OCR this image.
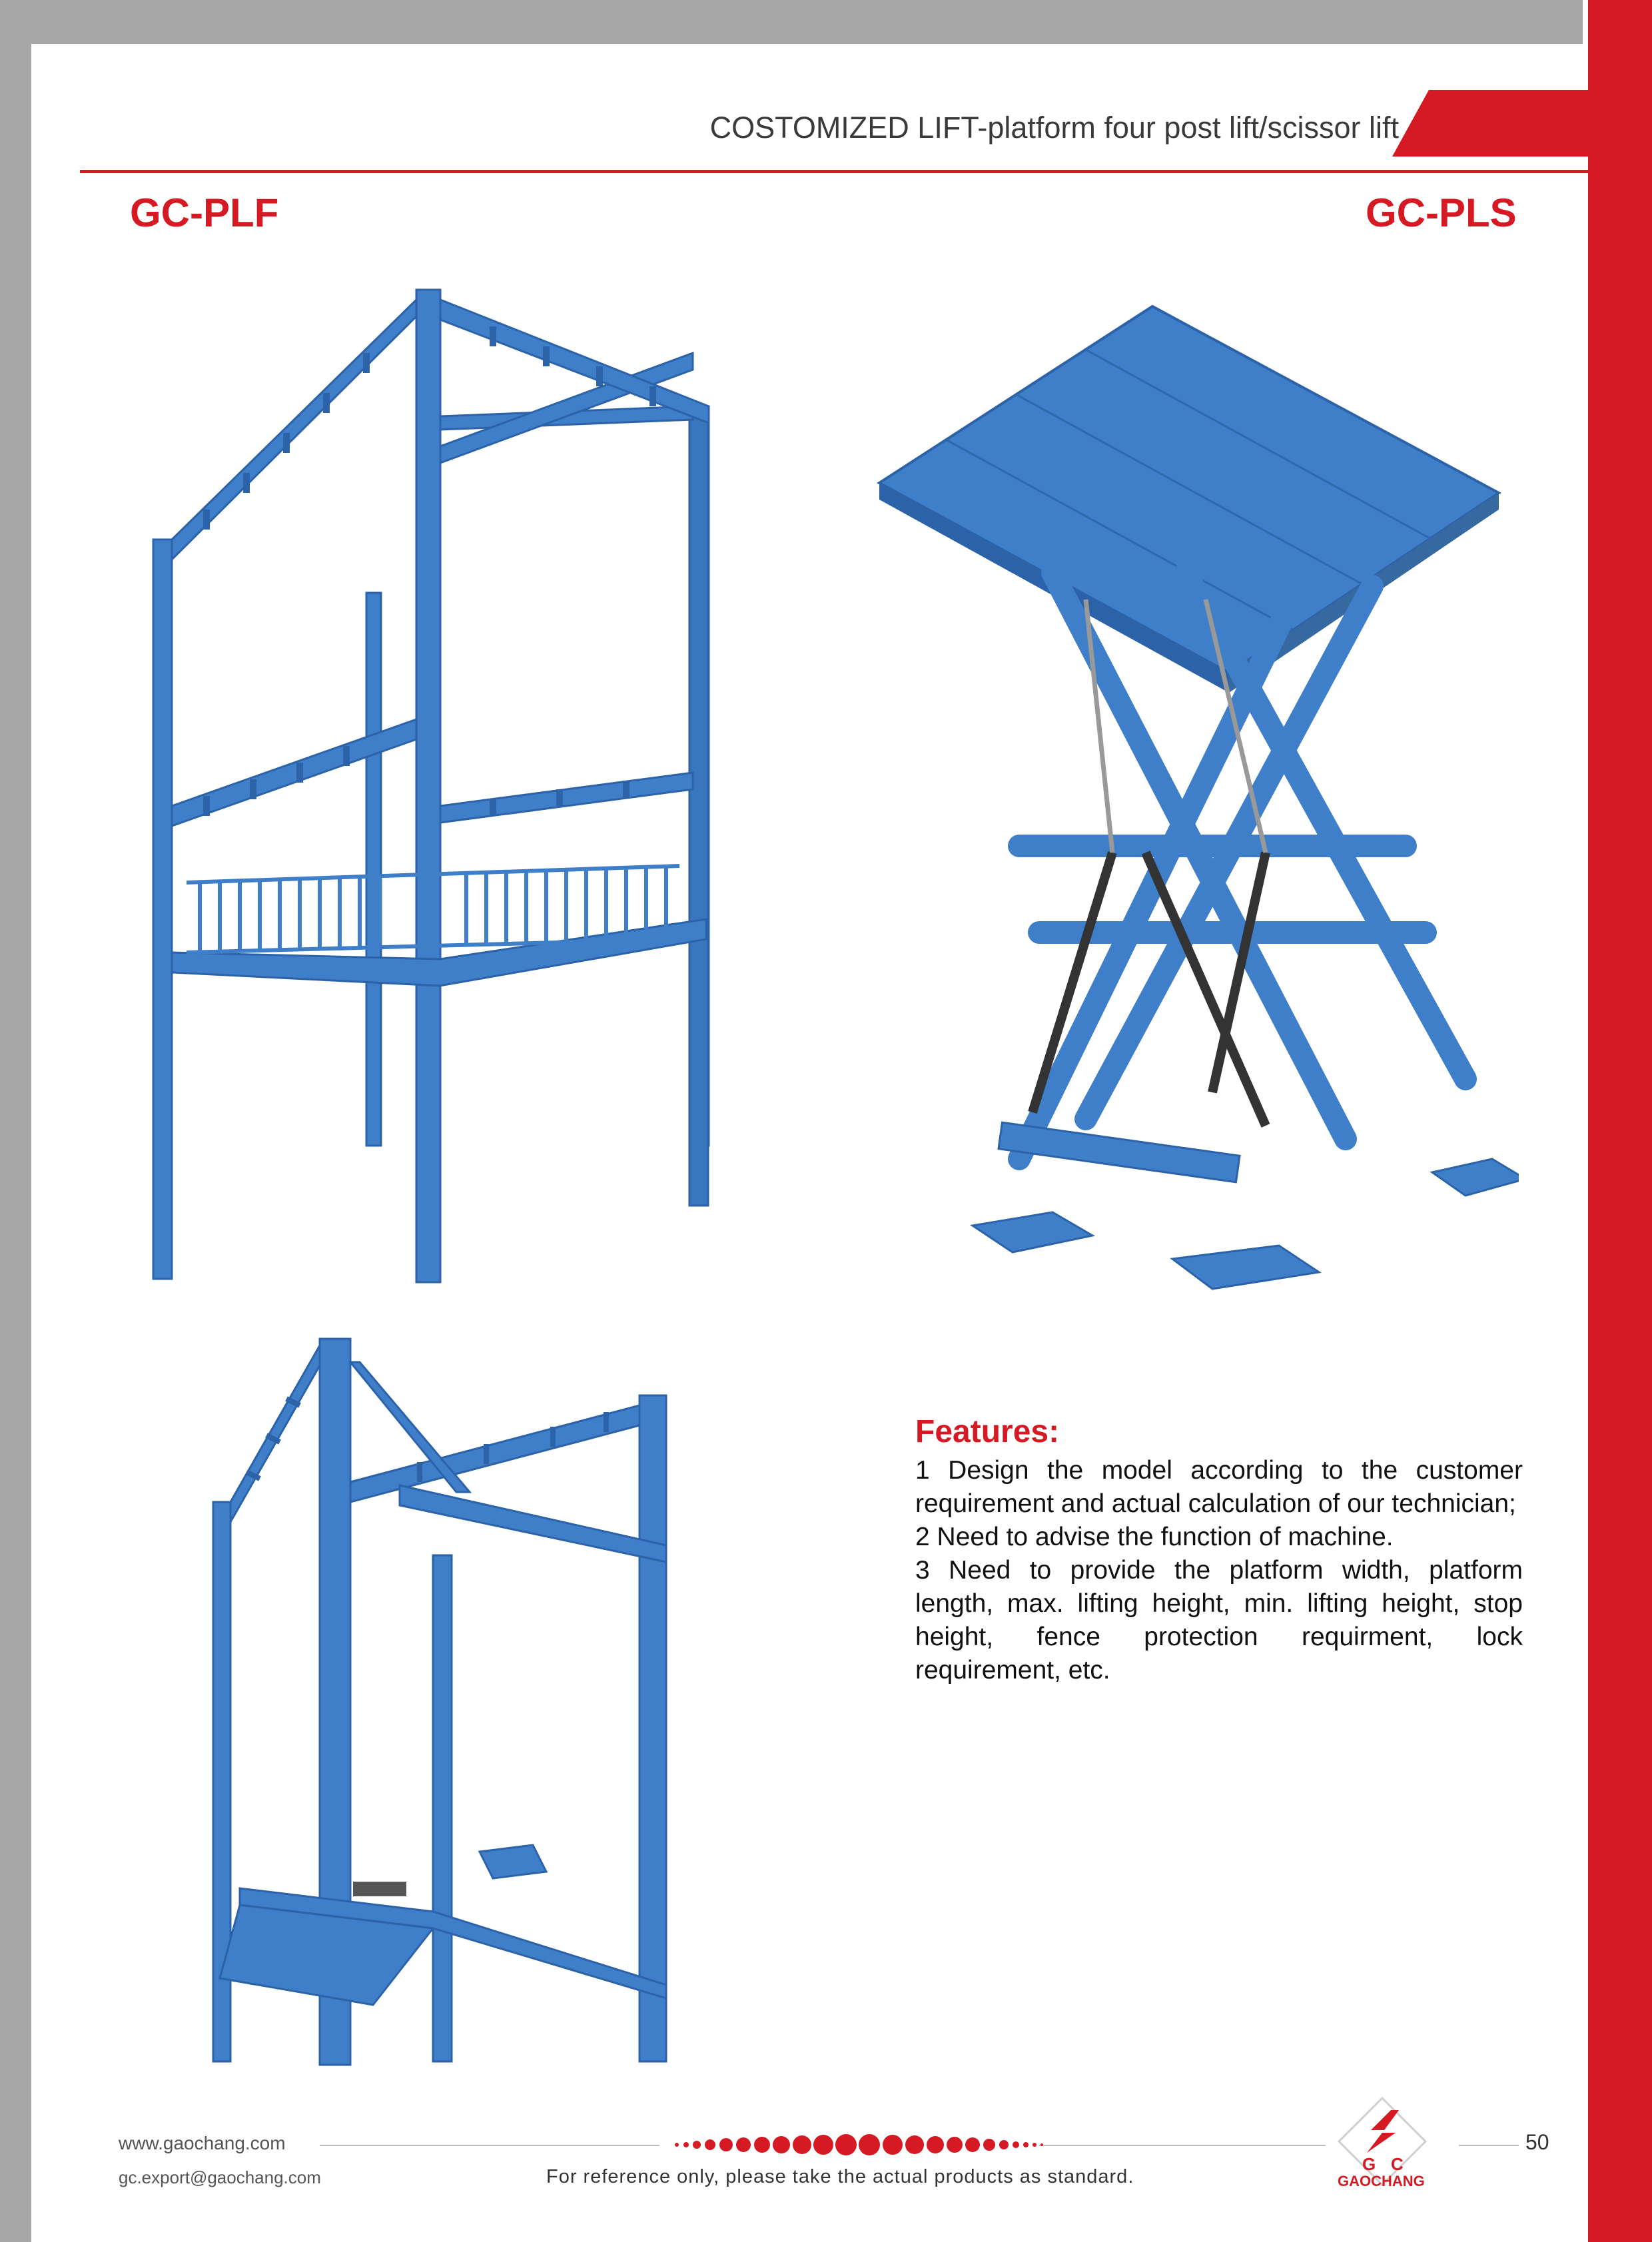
COSTOMIZED LIFT-platform four post lift/scissor lift
GC-PLF	GC-PLS
Features:
1 Design the model according to the customer requirement and actual calculation of our technician;
2 Need to advise the function of machine.
3 Need to provide the platform width, platform length, max. lifting height, min. lifting height, stop height, fence protection requirment, lock requirement, etc.
www.gaochang.com
gc.export@gaochang.com	For reference only, please take the actual products as standard.
50
G C
GAOCHANG
